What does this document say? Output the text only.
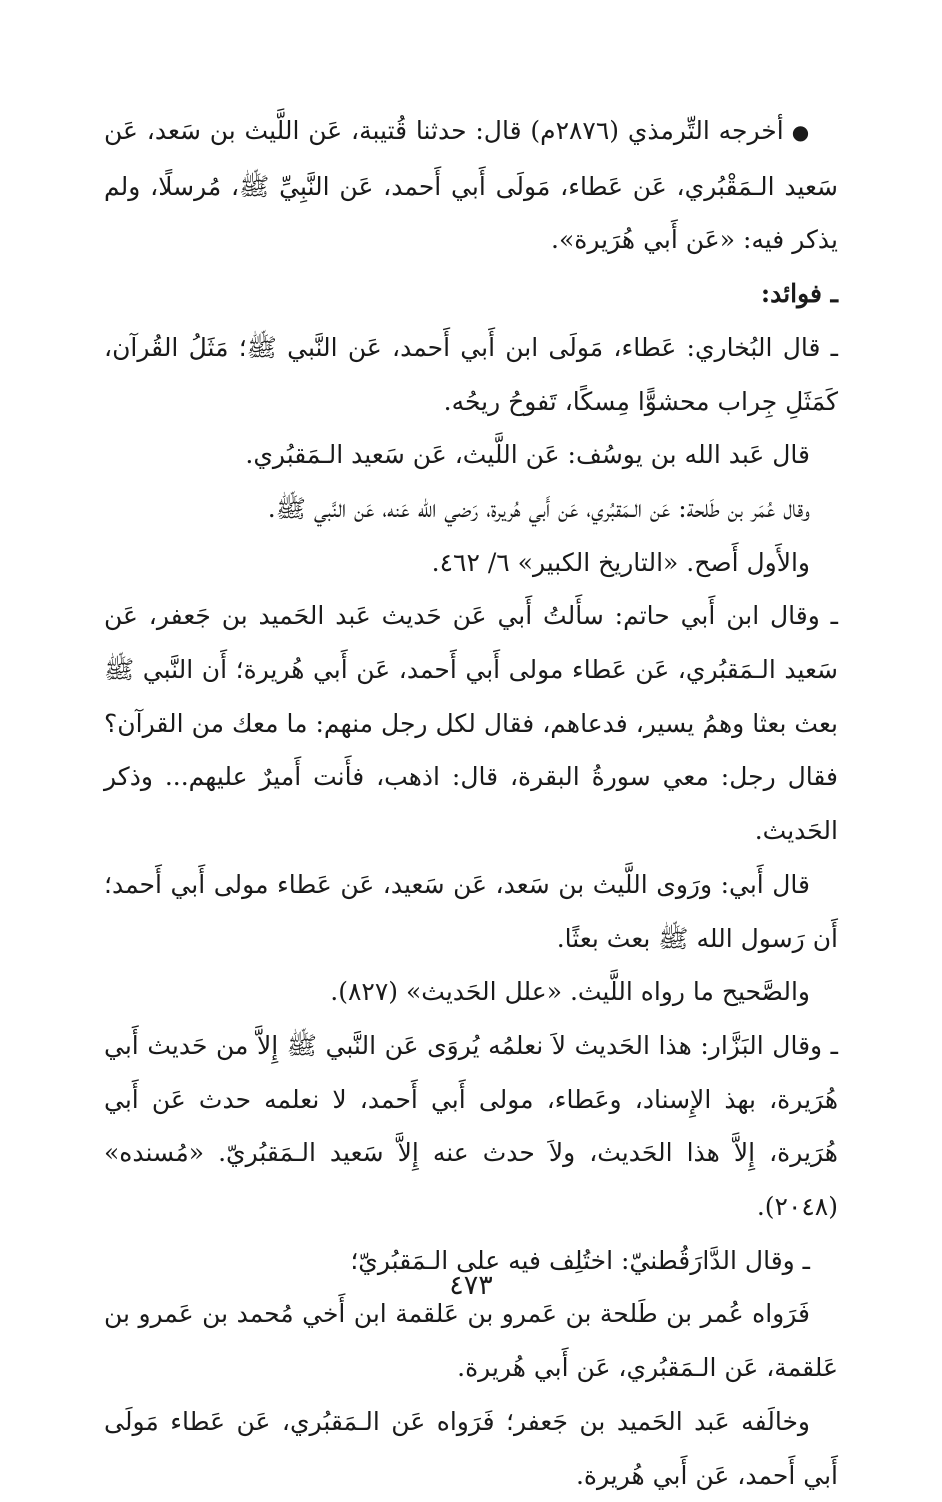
●أخرجه التِّرمذي (٢٨٧٦م) قال: حدثنا قُتيبة، عَن اللَّيث بن سَعد، عَن سَعيد الـمَقْبُري، عَن عَطاء، مَولَى أَبي أَحمد، عَن النَّبِيِّ ﷺ، مُرسلًا، ولم يذكر فيه: «عَن أَبي هُرَيرة».

ـ فوائد:

ـ قال البُخاري: عَطاء، مَولَى ابن أَبي أَحمد، عَن النَّبي ﷺ؛ مَثَلُ القُرآن، كَمَثَلِ جِراب محشوًّا مِسكًا، تَفوحُ ريحُه.

قال عَبد الله بن يوسُف: عَن اللَّيث، عَن سَعيد الـمَقبُري.

وقال عُمَر بن طَلحة: عَن الـمَقبُري، عَن أَبي هُريرة، رَضي الله عَنه، عَن النَّبي ﷺ.

والأَول أَصح. «التاريخ الكبير» ٦/ ٤٦٢.

ـ وقال ابن أَبي حاتم: سأَلتُ أَبي عَن حَديث عَبد الحَميد بن جَعفر، عَن سَعيد الـمَقبُري، عَن عَطاء مولى أَبي أَحمد، عَن أَبي هُريرة؛ أَن النَّبي ﷺ بعث بعثا وهمُ يسير، فدعاهم، فقال لكل رجل منهم: ما معك من القرآن؟ فقال رجل: معي سورةُ البقرة، قال: اذهب، فأَنت أَميرٌ عليهم... وذكر الحَديث.

قال أَبي: ورَوى اللَّيث بن سَعد، عَن سَعيد، عَن عَطاء مولى أَبي أَحمد؛ أَن رَسول الله ﷺ بعث بعثًا.

والصَّحيح ما رواه اللَّيث. «علل الحَديث» (٨٢٧).

ـ وقال البَزَّار: هذا الحَديث لاَ نعلمُه يُروَى عَن النَّبي ﷺ إِلاَّ من حَديث أَبي هُرَيرة، بهذ الإِسناد، وعَطاء، مولى أَبي أَحمد، لا نعلمه حدث عَن أَبي هُرَيرة، إِلاَّ هذا الحَديث، ولاَ حدث عنه إِلاَّ سَعيد الـمَقبُريّ. «مُسنده» (٢٠٤٨).

ـ وقال الدَّارَقُطنيّ: اختُلِف فيه على الـمَقبُريّ؛

فَرَواه عُمر بن طَلحة بن عَمرو بن عَلقمة ابن أَخي مُحمد بن عَمرو بن عَلقمة، عَن الـمَقبُري، عَن أَبي هُريرة.

وخالَفه عَبد الحَميد بن جَعفر؛ فَرَواه عَن الـمَقبُري، عَن عَطاء مَولَى أَبي أَحمد، عَن أَبي هُريرة.

٤٧٣
